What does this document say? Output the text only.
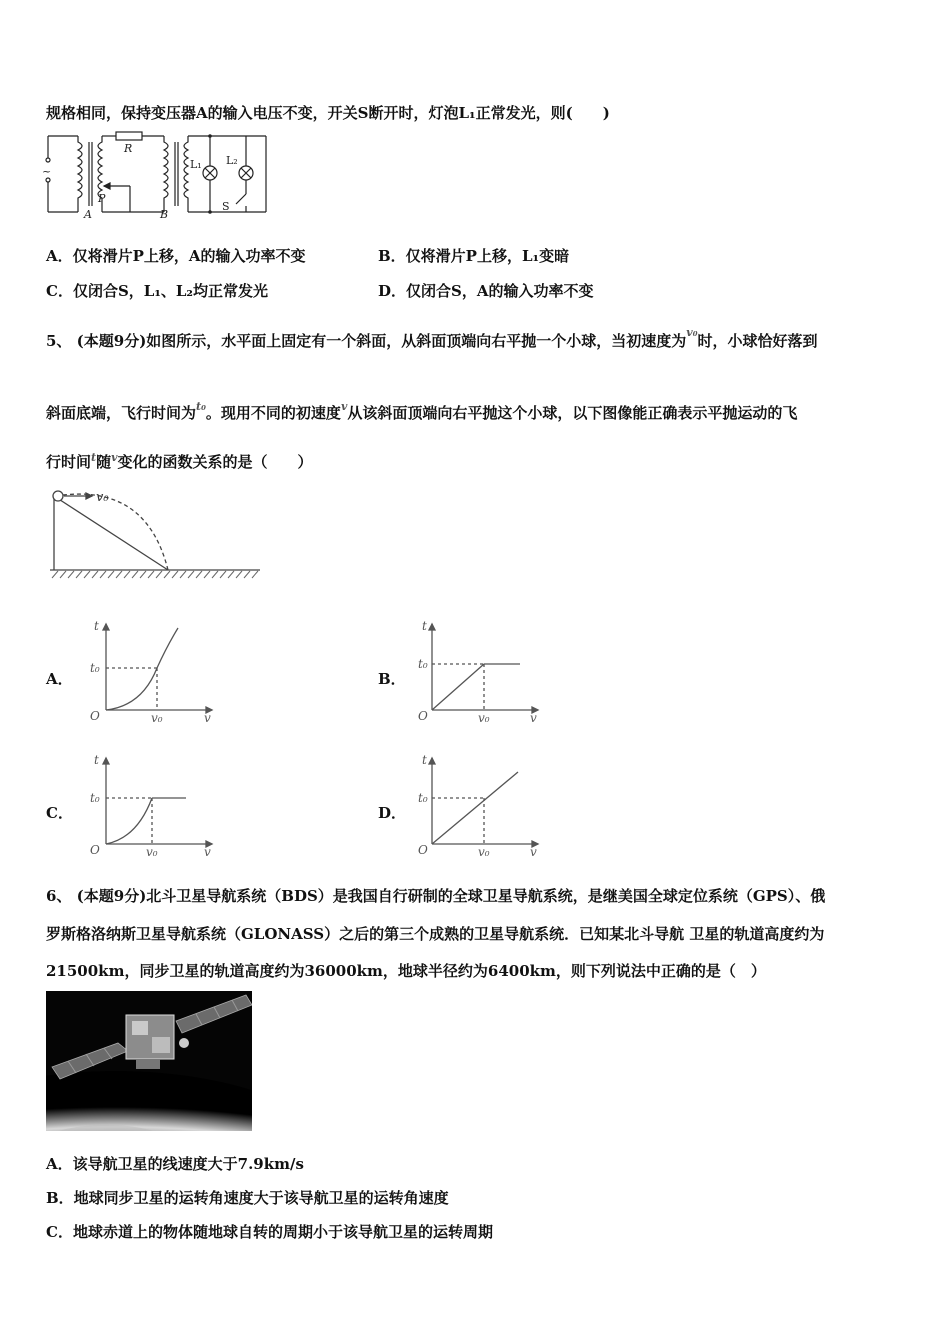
规格相同，保持变压器A的输入电压不变，开关S断开时，灯泡L₁正常发光，则(　　)
R
P
A	B
L₁ L₂
S
~
A．仅将滑片P上移，A的输入功率不变	B．仅将滑片P上移，L₁变暗
C．仅闭合S，L₁、L₂均正常发光	D．仅闭合S，A的输入功率不变
5、 (本题9分)如图所示，水平面上固定有一个斜面，从斜面顶端向右平抛一个小球，当初速度为$^{v_0}$时，小球恰好落到
斜面底端，飞行时间为$^{t_0}$。现用不同的初速度$^v$从该斜面顶端向右平抛这个小球，以下图像能正确表示平抛运动的飞
行时间$^t$随$^v$变化的函数关系的是（　　）
v₀
A．	B．
C．	D．
t
t₀
O	v₀	v
t
t₀
O	v₀	v
t
t₀
O	v₀	v
t
t₀
O	v₀	v
6、 (本题9分)北斗卫星导航系统（BDS）是我国自行研制的全球卫星导航系统，是继美国全球定位系统（GPS）、俄
罗斯格洛纳斯卫星导航系统（GLONASS）之后的第三个成熟的卫星导航系统．已知某北斗导航 卫星的轨道高度约为
21500km，同步卫星的轨道高度约为36000km，地球半径约为6400km，则下列说法中正确的是（　）
A．该导航卫星的线速度大于7.9km/s
B．地球同步卫星的运转角速度大于该导航卫星的运转角速度
C．地球赤道上的物体随地球自转的周期小于该导航卫星的运转周期
